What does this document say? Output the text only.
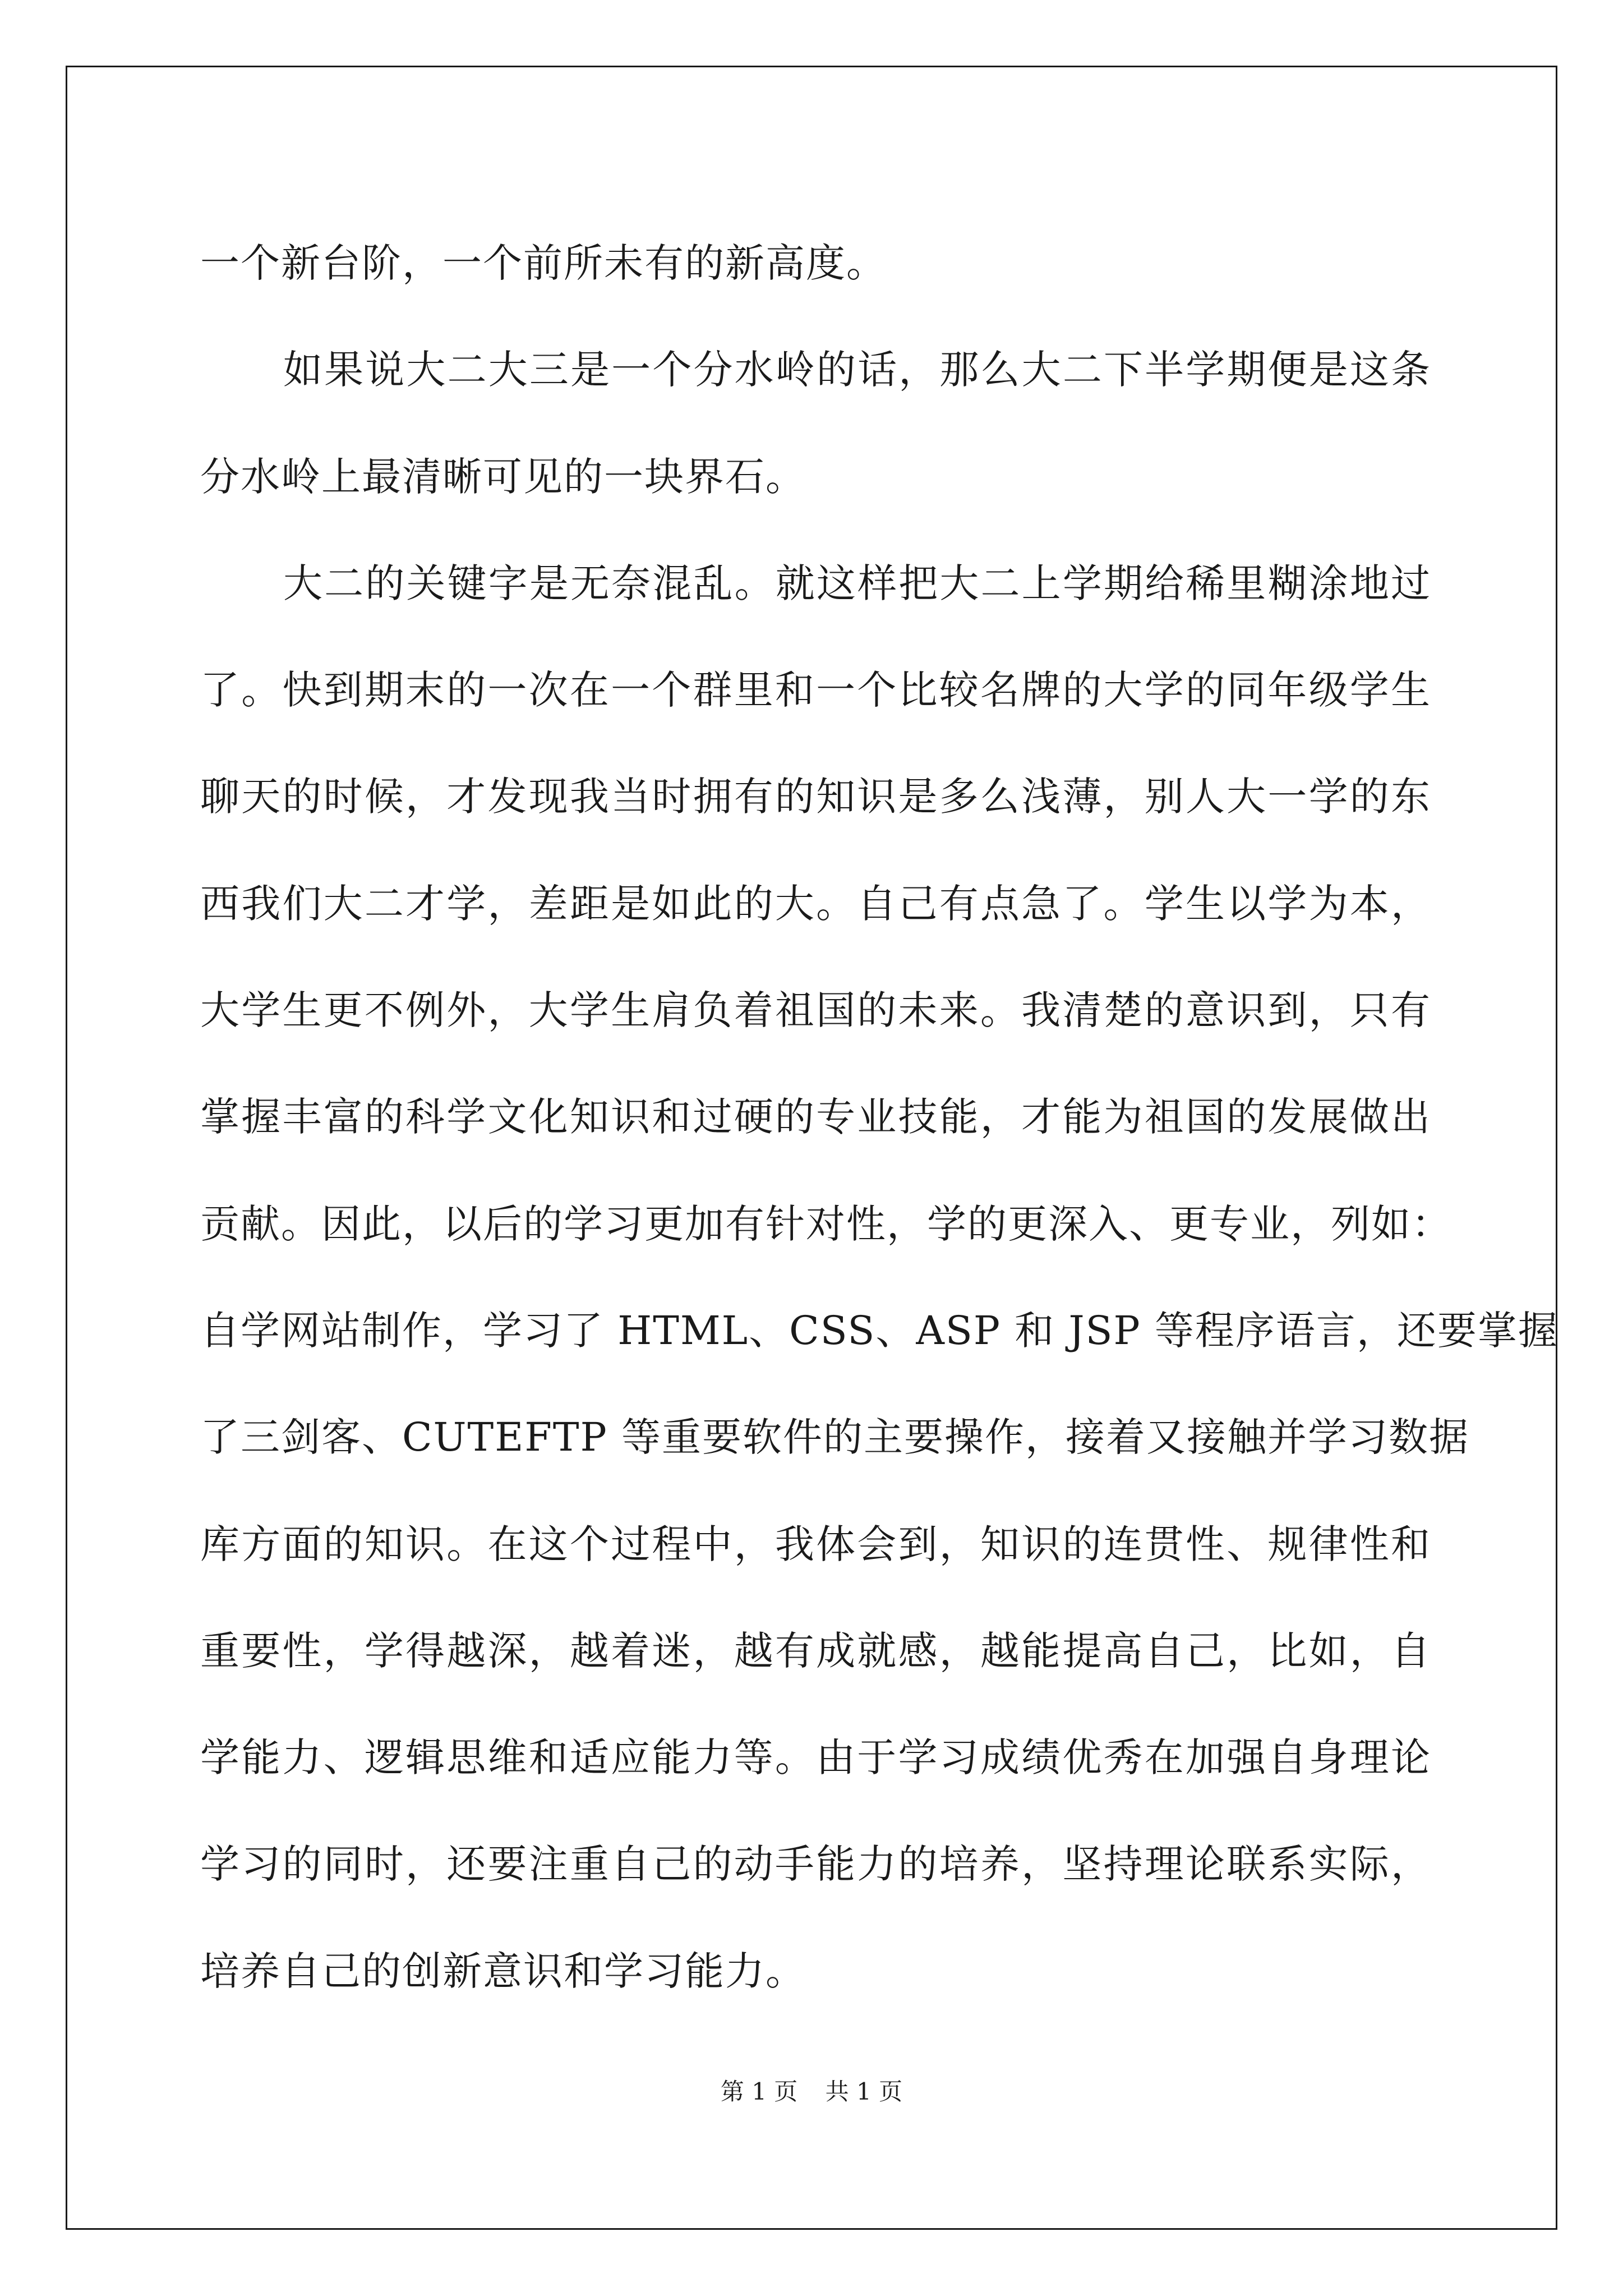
一个新台阶，一个前所未有的新高度。
如果说大二大三是一个分水岭的话，那么大二下半学期便是这条
分水岭上最清晰可见的一块界石。
大二的关键字是无奈混乱。就这样把大二上学期给稀里糊涂地过
了。快到期末的一次在一个群里和一个比较名牌的大学的同年级学生
聊天的时候，才发现我当时拥有的知识是多么浅薄，别人大一学的东
西我们大二才学，差距是如此的大。自己有点急了。学生以学为本，
大学生更不例外，大学生肩负着祖国的未来。我清楚的意识到，只有
掌握丰富的科学文化知识和过硬的专业技能，才能为祖国的发展做出
贡献。因此，以后的学习更加有针对性，学的更深入、更专业，列如：
自学网站制作，学习了 HTML、CSS、ASP 和 JSP 等程序语言，还要掌握
了三剑客、CUTEFTP 等重要软件的主要操作，接着又接触并学习数据
库方面的知识。在这个过程中，我体会到，知识的连贯性、规律性和
重要性，学得越深，越着迷，越有成就感，越能提高自己，比如，自
学能力、逻辑思维和适应能力等。由于学习成绩优秀在加强自身理论
学习的同时，还要注重自己的动手能力的培养，坚持理论联系实际，
培养自己的创新意识和学习能力。
第 1 页 共 1 页
